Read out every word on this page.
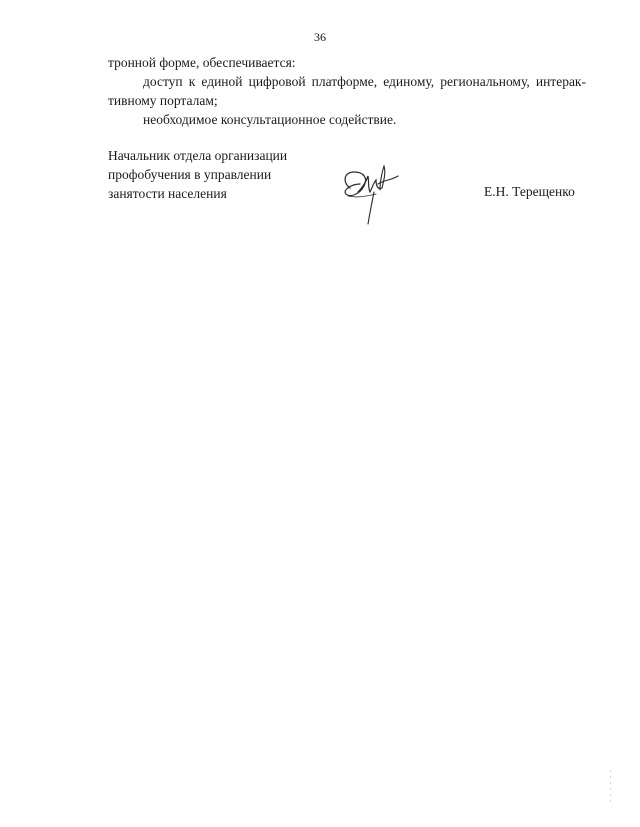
36

тронной форме, обеспечивается:

доступ к единой цифровой платформе, единому, региональному, интерак-

тивному порталам;

необходимое консультационное содействие.

Начальник отдела организации
профобучения в управлении
занятости населения	Е.Н. Терещенко
